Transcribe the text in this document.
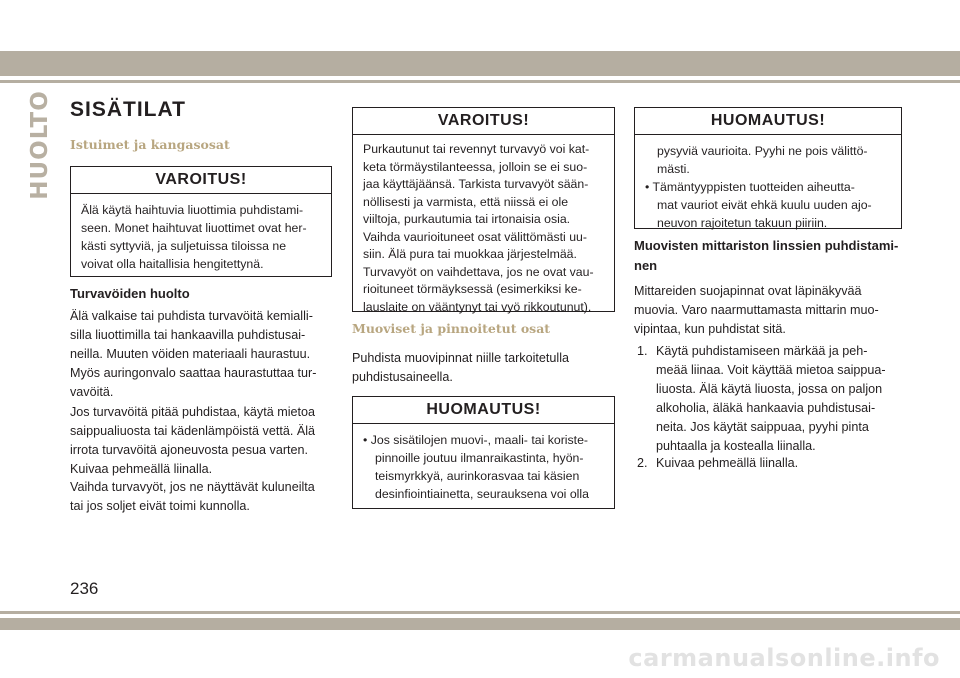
HUOLTO SISÄTILAT
Istuimet ja kangasosat
VAROITUS!
Älä käytä haihtuvia liuottimia puhdistami-
seen. Monet haihtuvat liuottimet ovat her-
kästi syttyviä, ja suljetuissa tiloissa ne
voivat olla haitallisia hengitettynä.
Turvavöiden huolto
Älä valkaise tai puhdista turvavöitä kemialli-
silla liuottimilla tai hankaavilla puhdistusai-
neilla. Muuten vöiden materiaali haurastuu.
Myös auringonvalo saattaa haurastuttaa tur-
vavöitä.
Jos turvavöitä pitää puhdistaa, käytä mietoa
saippualiuosta tai kädenlämpöistä vettä. Älä
irrota turvavöitä ajoneuvosta pesua varten.
Kuivaa pehmeällä liinalla.
Vaihda turvavyöt, jos ne näyttävät kuluneilta
tai jos soljet eivät toimi kunnolla.
VAROITUS!
Purkautunut tai revennyt turvavyö voi kat-
keta törmäystilanteessa, jolloin se ei suo-
jaa käyttäjäänsä. Tarkista turvavyöt sään-
nöllisesti ja varmista, että niissä ei ole
viiltoja, purkautumia tai irtonaisia osia.
Vaihda vaurioituneet osat välittömästi uu-
siin. Älä pura tai muokkaa järjestelmää.
Turvavyöt on vaihdettava, jos ne ovat vau-
rioituneet törmäyksessä (esimerkiksi ke-
lauslaite on vääntynyt tai vyö rikkoutunut).
Muoviset ja pinnoitetut osat
Puhdista muovipinnat niille tarkoitetulla
puhdistusaineella.
HUOMAUTUS!
• Jos sisätilojen muovi-, maali- tai koriste-
pinnoille joutuu ilmanraikastinta, hyön-
teismyrkkyä, aurinkorasvaa tai käsien
desinfiointiainetta, seurauksena voi olla
HUOMAUTUS!
pysyviä vaurioita. Pyyhi ne pois välittö-
mästi.
• Tämäntyyppisten tuotteiden aiheutta-
mat vauriot eivät ehkä kuulu uuden ajo-
neuvon rajoitetun takuun piiriin.
Muovisten mittariston linssien puhdistami-
nen
Mittareiden suojapinnat ovat läpinäkyvää
muovia. Varo naarmuttamasta mittarin muo-
vipintaa, kun puhdistat sitä.
1. Käytä puhdistamiseen märkää ja peh-
meää liinaa. Voit käyttää mietoa saippua-
liuosta. Älä käytä liuosta, jossa on paljon
alkoholia, äläkä hankaavia puhdistusai-
neita. Jos käytät saippuaa, pyyhi pinta
puhtaalla ja kostealla liinalla.
2. Kuivaa pehmeällä liinalla.
236
carmanualsonline.info
